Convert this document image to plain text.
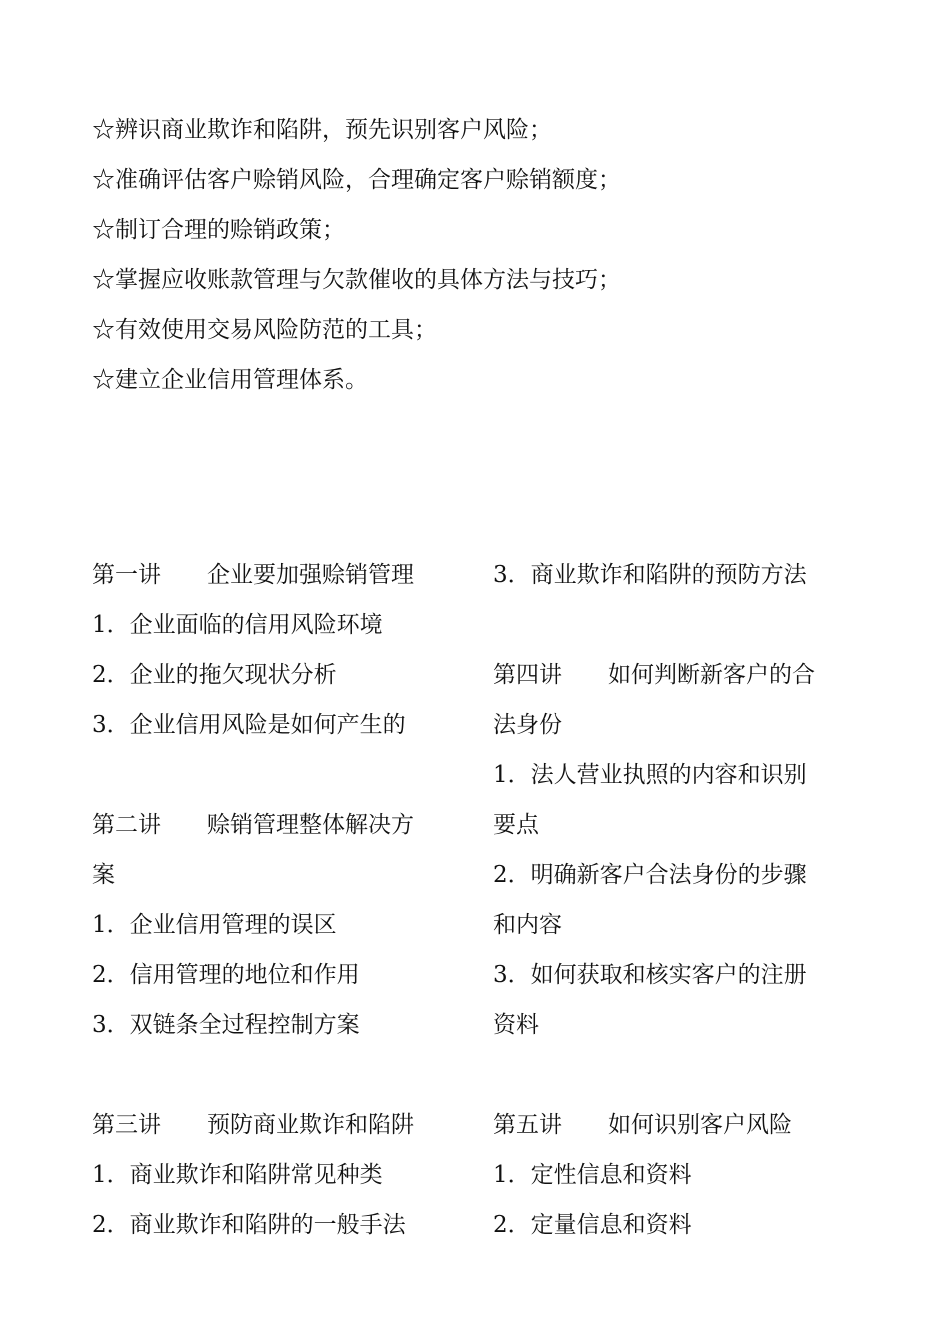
☆辨识商业欺诈和陷阱，预先识别客户风险；
☆准确评估客户赊销风险，合理确定客户赊销额度；
☆制订合理的赊销政策；
☆掌握应收账款管理与欠款催收的具体方法与技巧；
☆有效使用交易风险防范的工具；
☆建立企业信用管理体系。
第一讲 企业要加强赊销管理
1．企业面临的信用风险环境
2．企业的拖欠现状分析
3．企业信用风险是如何产生的
第二讲 赊销管理整体解决方
案
1．企业信用管理的误区
2．信用管理的地位和作用
3．双链条全过程控制方案
第三讲 预防商业欺诈和陷阱
1．商业欺诈和陷阱常见种类
2．商业欺诈和陷阱的一般手法
3．商业欺诈和陷阱的预防方法
第四讲 如何判断新客户的合
法身份
1．法人营业执照的内容和识别
要点
2．明确新客户合法身份的步骤
和内容
3．如何获取和核实客户的注册
资料
第五讲 如何识别客户风险
1．定性信息和资料
2．定量信息和资料
